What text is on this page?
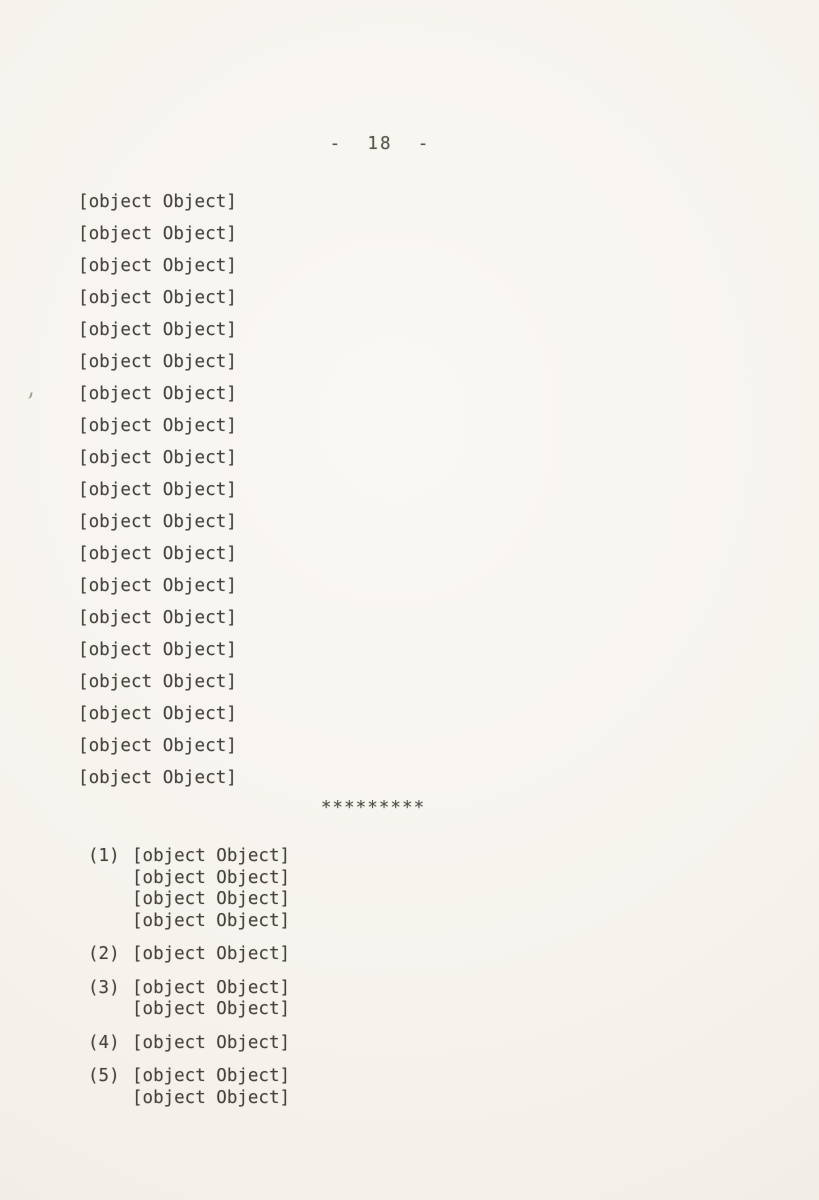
-  18  -
[object Object]
[object Object]
[object Object]
[object Object]
[object Object]
[object Object]
[object Object]
[object Object]
[object Object]
[object Object]
[object Object]
[object Object]
[object Object]
[object Object]
[object Object]
[object Object]
[object Object]
[object Object]
[object Object]
*********
(1) [object Object]
[object Object]
[object Object]
[object Object]
(2) [object Object]
(3) [object Object]
[object Object]
(4) [object Object]
(5) [object Object]
[object Object]
